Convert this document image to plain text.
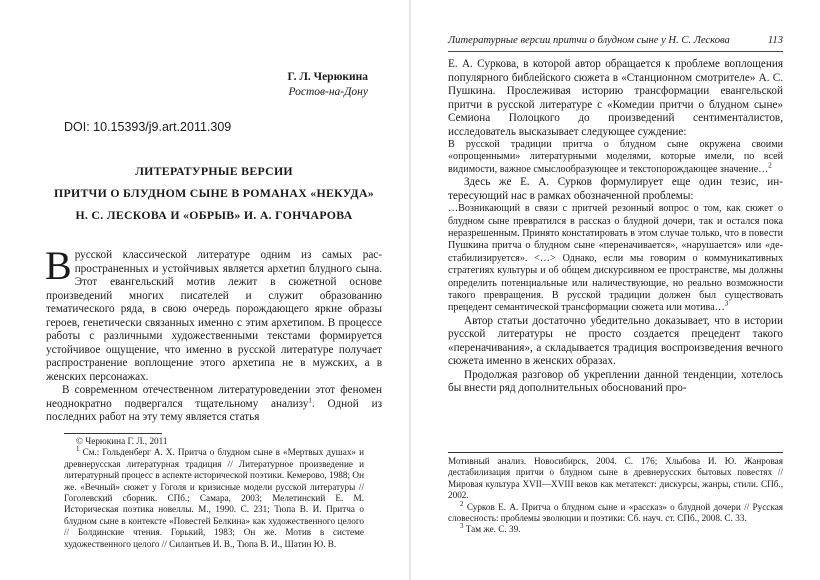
Г. Л. Черюкина
Ростов-на-Дону
DOI: 10.15393/j9.art.2011.309
ЛИТЕРАТУРНЫЕ ВЕРСИИ
ПРИТЧИ О БЛУДНОМ СЫНЕ В РОМАНАХ «НЕКУДА»
Н. С. ЛЕСКОВА И «ОБРЫВ» И. А. ГОНЧАРОВА

В русской классической литературе одним из самых распространенных и устойчивых является архетип блудного сына. Этот евангельский мотив лежит в сюжетной основе произведений многих писателей и служит образованию тематического ряда, в свою очередь порождающего яркие образы героев, генетически связанных именно с этим архетипом. В процессе работы с различными художественными текстами формируется устойчивое ощущение, что именно в русской литературе получает распространение воплощение этого архетипа не в мужских, а в женских персонажах.

В современном отечественном литературоведении этот феномен неоднократно подвергался тщательному анализу$^1$. Одной из последних работ на эту тему является статья

© Черюкина Г. Л., 2011

$^1$ См.: Гольденберг А. Х. Притча о блудном сыне в «Мертвых душах» и древнерусская литературная традиция // Литературное произведение и литературный процесс в аспекте исторической поэтики. Кемерово, 1988; Он же. «Вечный» сюжет у Гоголя и кризисные модели русской литературы // Гоголевский сборник. СПб.; Самара, 2003; Мелетинский Е. М. Историческая поэтика новеллы. М., 1990. С. 231; Тюпа В. И. Притча о блудном сыне в контексте «Повестей Белкина» как художественного целого // Болдинские чтения. Горький, 1983; Он же. Мотив в системе художественного целого // Силантьев И. В., Тюпа В. И., Шатин Ю. В.

Литературные версии притчи о блудном сыне у Н. С. Лескова	113

Е. А. Суркова, в которой автор обращается к проблеме воплощения популярного библейского сюжета в «Станционном смотрителе» А. С. Пушкина. Прослеживая историю трансформации евангельской притчи в русской литературе с «Комедии притчи о блудном сыне» Семиона Полоцкого до произведений сентименталистов, исследователь высказывает следующее суждение:

В русской традиции притча о блудном сыне окружена своими «опрощенными» литературными моделями, которые имели, по всей видимости, важное смыслообразующее и текстопорождающее значение…$^2$

Здесь же Е. А. Сурков формулирует еще один тезис, интересующий нас в рамках обозначенной проблемы:

…Возникающий в связи с притчей резонный вопрос о том, как сюжет о блудном сыне превратился в рассказ о блудной дочери, так и остался пока неразрешенным. Принято констатировать в этом случае только, что в повести Пушкина притча о блудном сыне «переначивается», «нарушается» или «дестабилизируется». <…> Однако, если мы говорим о коммуникативных стратегиях культуры и об общем дискурсивном ее пространстве, мы должны определить потенциальные или наличествующие, но реально возможности такого превращения. В русской традиции должен был существовать прецедент семантической трансформации сюжета или мотива…$^3$

Автор статьи достаточно убедительно доказывает, что в истории русской литературы не просто создается прецедент такого «переначивания», а складывается традиция воспроизведения вечного сюжета именно в женских образах.

Продолжая разговор об укреплении данной тенденции, хотелось бы внести ряд дополнительных обоснований про-

Мотивный анализ. Новосибирск, 2004. С. 176; Хлыбова И. Ю. Жанровая дестабилизация притчи о блудном сыне в древнерусских бытовых повестях // Мировая культура XVII—XVIII веков как метатекст: дискурсы, жанры, стили. СПб., 2002.

$^2$ Сурков Е. А. Притча о блудном сыне и «рассказ» о блудной дочери // Русская словесность: проблемы эволюции и поэтики: Сб. науч. ст. СПб., 2008. С. 33.

$^3$ Там же. С. 39.
